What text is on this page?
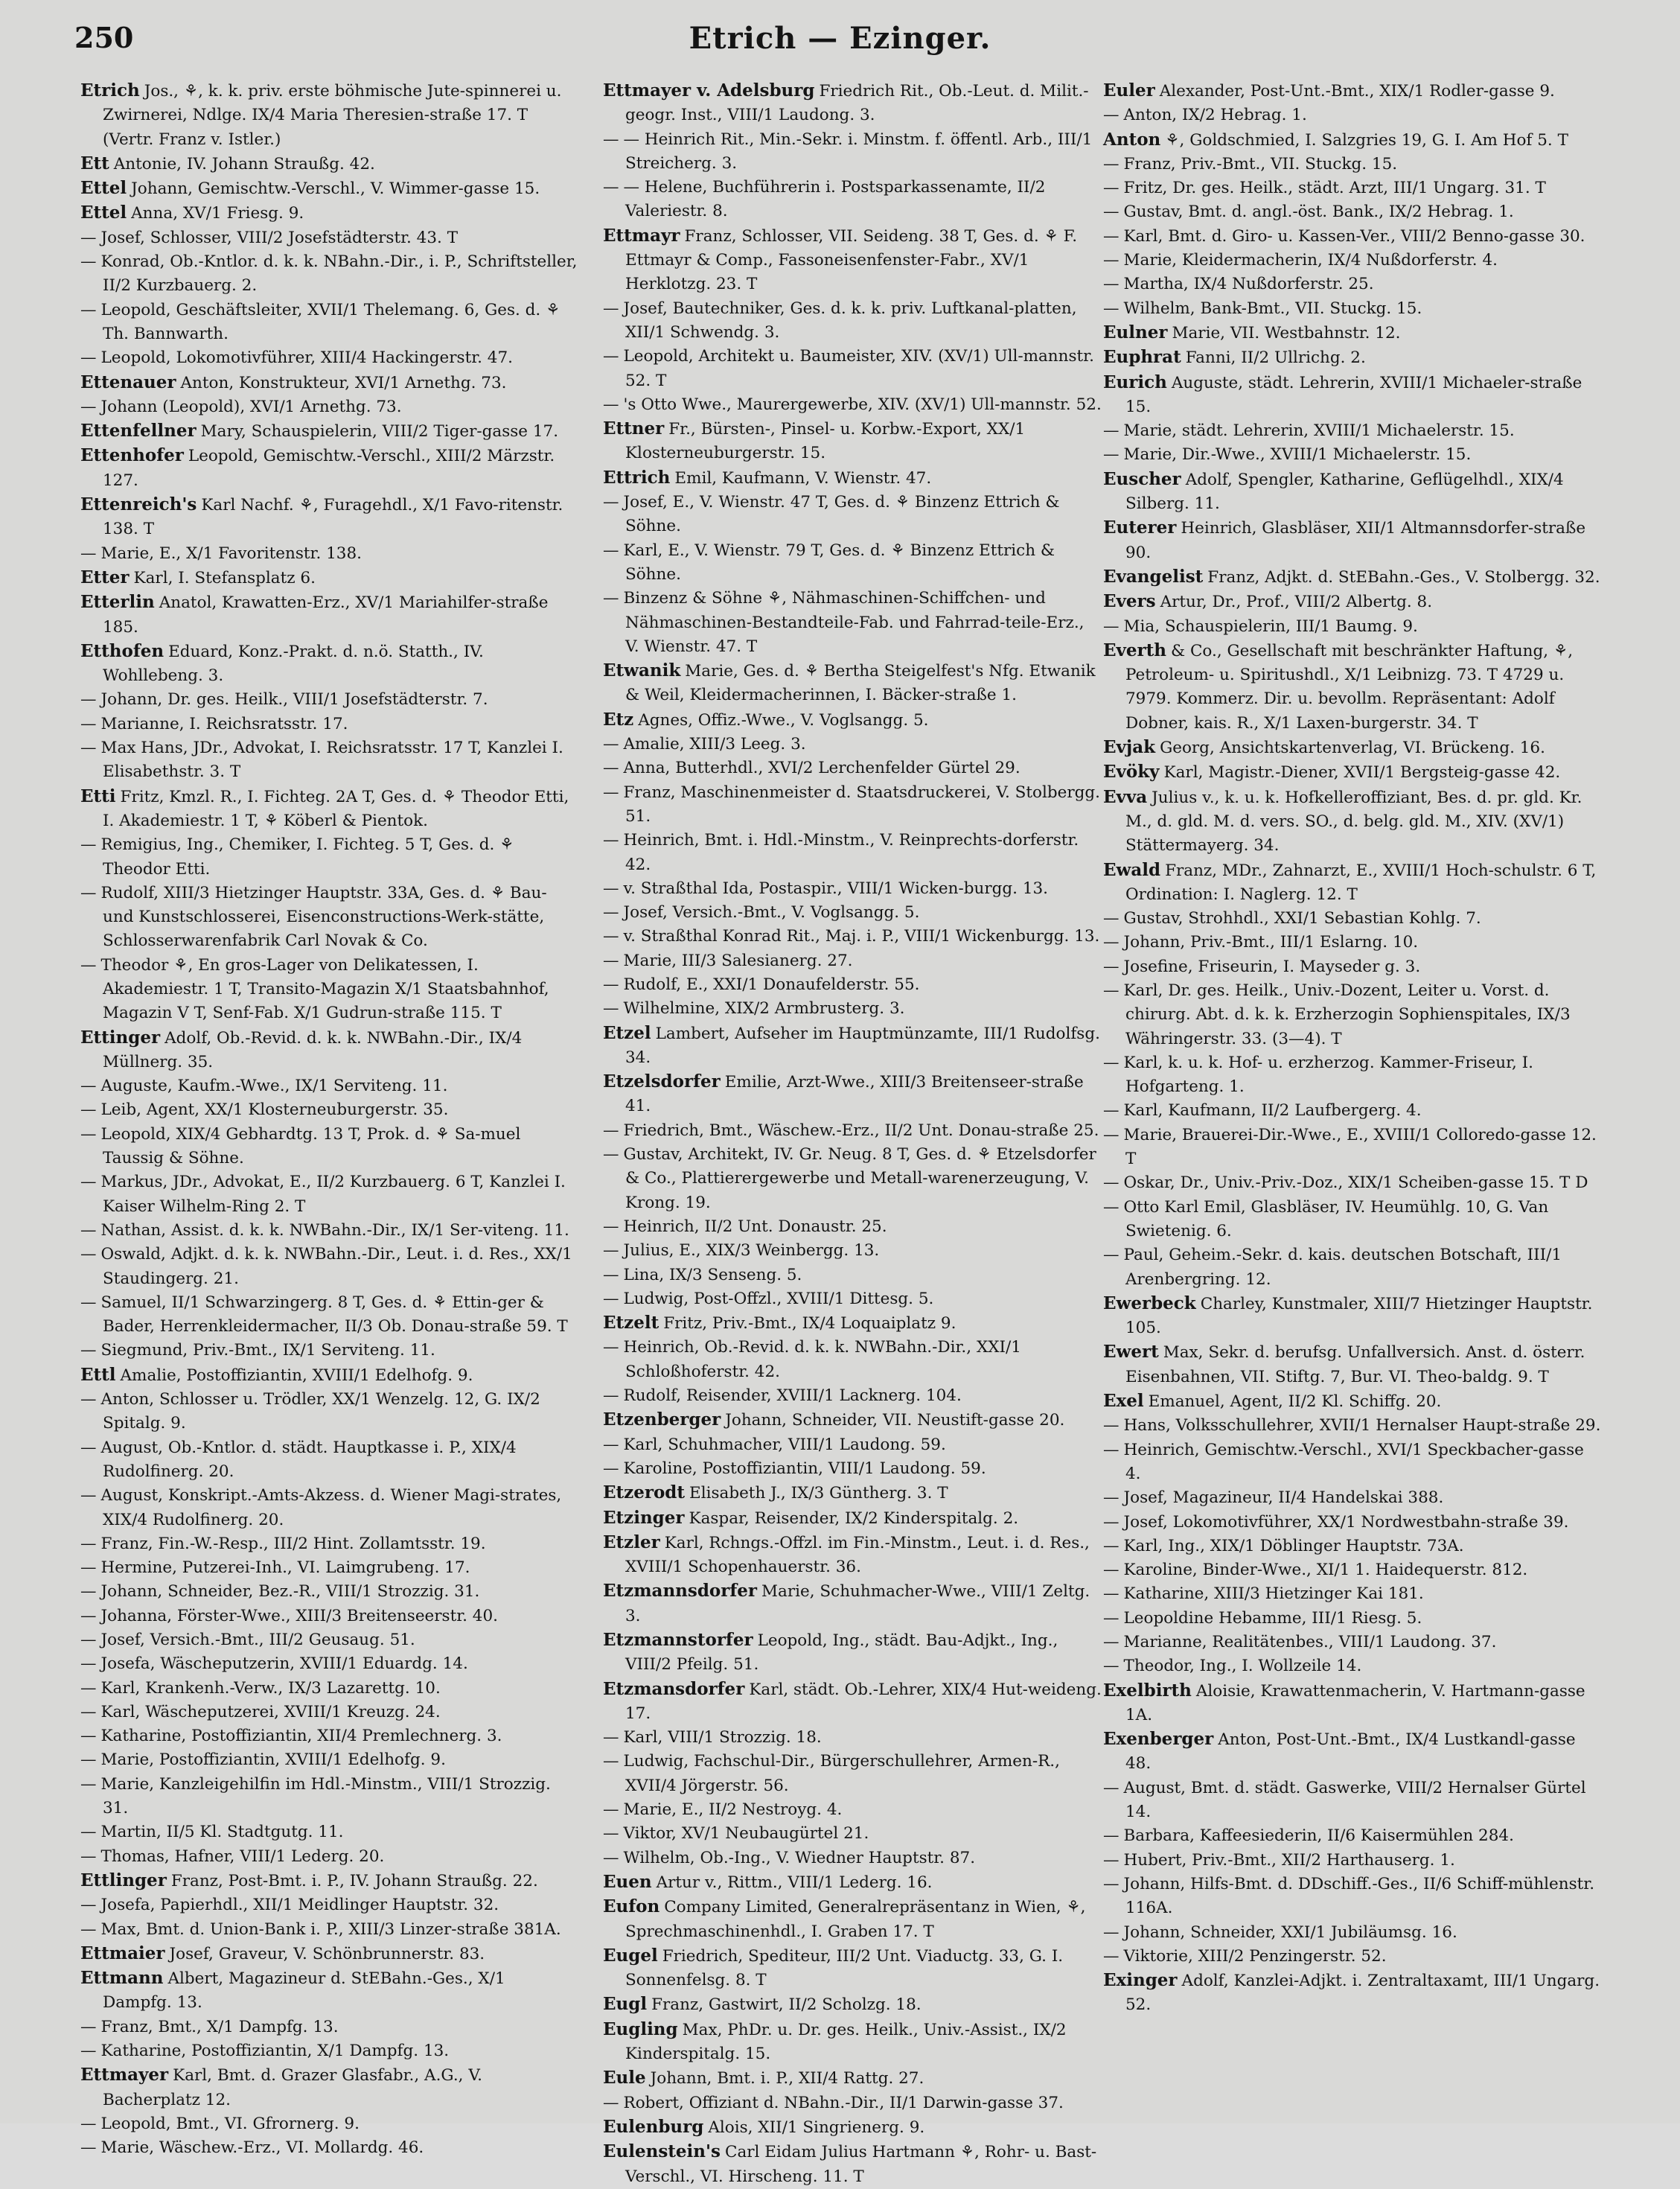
250	Etrich — Ezinger.
Etrich Jos., ⚘, k. k. priv. erste böhmische Jute-spinnerei u. Zwirnerei, Ndlge. IX/4 Maria Theresien-straße 17. T (Vertr. Franz v. Istler.)
Ett Antonie, IV. Johann Straußg. 42.
Ettel Johann, Gemischtw.-Verschl., V. Wimmer-gasse 15.
Ettel Anna, XV/1 Friesg. 9.
— Josef, Schlosser, VIII/2 Josefstädterstr. 43. T
— Konrad, Ob.-Kntlor. d. k. k. NBahn.-Dir., i. P., Schriftsteller, II/2 Kurzbauerg. 2.
— Leopold, Geschäftsleiter, XVII/1 Thelemang. 6, Ges. d. ⚘ Th. Bannwarth.
— Leopold, Lokomotivführer, XIII/4 Hackingerstr. 47.
Ettenauer Anton, Konstrukteur, XVI/1 Arnethg. 73.
— Johann (Leopold), XVI/1 Arnethg. 73.
Ettenfellner Mary, Schauspielerin, VIII/2 Tiger-gasse 17.
Ettenhofer Leopold, Gemischtw.-Verschl., XIII/2 Märzstr. 127.
Ettenreich's Karl Nachf. ⚘, Furagehdl., X/1 Favo-ritenstr. 138. T
— Marie, E., X/1 Favoritenstr. 138.
Etter Karl, I. Stefansplatz 6.
Etterlin Anatol, Krawatten-Erz., XV/1 Mariahilfer-straße 185.
Etthofen Eduard, Konz.-Prakt. d. n.ö. Statth., IV. Wohllebeng. 3.
— Johann, Dr. ges. Heilk., VIII/1 Josefstädterstr. 7.
— Marianne, I. Reichsratsstr. 17.
— Max Hans, JDr., Advokat, I. Reichsratsstr. 17 T, Kanzlei I. Elisabethstr. 3. T
Etti Fritz, Kmzl. R., I. Fichteg. 2A T, Ges. d. ⚘ Theodor Etti, I. Akademiestr. 1 T, ⚘ Köberl & Pientok.
— Remigius, Ing., Chemiker, I. Fichteg. 5 T, Ges. d. ⚘ Theodor Etti.
— Rudolf, XIII/3 Hietzinger Hauptstr. 33A, Ges. d. ⚘ Bau- und Kunstschlosserei, Eisenconstructions-Werk-stätte, Schlosserwarenfabrik Carl Novak & Co.
— Theodor ⚘, En gros-Lager von Delikatessen, I. Akademiestr. 1 T, Transito-Magazin X/1 Staatsbahnhof, Magazin V T, Senf-Fab. X/1 Gudrun-straße 115. T
Ettinger Adolf, Ob.-Revid. d. k. k. NWBahn.-Dir., IX/4 Müllnerg. 35.
— Auguste, Kaufm.-Wwe., IX/1 Serviteng. 11.
— Leib, Agent, XX/1 Klosterneuburgerstr. 35.
— Leopold, XIX/4 Gebhardtg. 13 T, Prok. d. ⚘ Sa-muel Taussig & Söhne.
— Markus, JDr., Advokat, E., II/2 Kurzbauerg. 6 T, Kanzlei I. Kaiser Wilhelm-Ring 2. T
— Nathan, Assist. d. k. k. NWBahn.-Dir., IX/1 Ser-viteng. 11.
— Oswald, Adjkt. d. k. k. NWBahn.-Dir., Leut. i. d. Res., XX/1 Staudingerg. 21.
— Samuel, II/1 Schwarzingerg. 8 T, Ges. d. ⚘ Ettin-ger & Bader, Herrenkleidermacher, II/3 Ob. Donau-straße 59. T
— Siegmund, Priv.-Bmt., IX/1 Serviteng. 11.
Ettl Amalie, Postoffiziantin, XVIII/1 Edelhofg. 9.
— Anton, Schlosser u. Trödler, XX/1 Wenzelg. 12, G. IX/2 Spitalg. 9.
— August, Ob.-Kntlor. d. städt. Hauptkasse i. P., XIX/4 Rudolfinerg. 20.
— August, Konskript.-Amts-Akzess. d. Wiener Magi-strates, XIX/4 Rudolfinerg. 20.
— Franz, Fin.-W.-Resp., III/2 Hint. Zollamtsstr. 19.
— Hermine, Putzerei-Inh., VI. Laimgrubeng. 17.
— Johann, Schneider, Bez.-R., VIII/1 Strozzig. 31.
— Johanna, Förster-Wwe., XIII/3 Breitenseerstr. 40.
— Josef, Versich.-Bmt., III/2 Geusaug. 51.
— Josefa, Wäscheputzerin, XVIII/1 Eduardg. 14.
— Karl, Krankenh.-Verw., IX/3 Lazarettg. 10.
— Karl, Wäscheputzerei, XVIII/1 Kreuzg. 24.
— Katharine, Postoffiziantin, XII/4 Premlechnerg. 3.
— Marie, Postoffiziantin, XVIII/1 Edelhofg. 9.
— Marie, Kanzleigehilfin im Hdl.-Minstm., VIII/1 Strozzig. 31.
— Martin, II/5 Kl. Stadtgutg. 11.
— Thomas, Hafner, VIII/1 Lederg. 20.
Ettlinger Franz, Post-Bmt. i. P., IV. Johann Straußg. 22.
— Josefa, Papierhdl., XII/1 Meidlinger Hauptstr. 32.
— Max, Bmt. d. Union-Bank i. P., XIII/3 Linzer-straße 381A.
Ettmaier Josef, Graveur, V. Schönbrunnerstr. 83.
Ettmann Albert, Magazineur d. StEBahn.-Ges., X/1 Dampfg. 13.
— Franz, Bmt., X/1 Dampfg. 13.
— Katharine, Postoffiziantin, X/1 Dampfg. 13.
Ettmayer Karl, Bmt. d. Grazer Glasfabr., A.G., V. Bacherplatz 12.
— Leopold, Bmt., VI. Gfrornerg. 9.
— Marie, Wäschew.-Erz., VI. Mollardg. 46.
Ettmayer v. Adelsburg Friedrich Rit., Ob.-Leut. d. Milit.-geogr. Inst., VIII/1 Laudong. 3.
— — Heinrich Rit., Min.-Sekr. i. Minstm. f. öffentl. Arb., III/1 Streicherg. 3.
— — Helene, Buchführerin i. Postsparkassenamte, II/2 Valeriestr. 8.
Ettmayr Franz, Schlosser, VII. Seideng. 38 T, Ges. d. ⚘ F. Ettmayr & Comp., Fassoneisenfenster-Fabr., XV/1 Herklotzg. 23. T
— Josef, Bautechniker, Ges. d. k. k. priv. Luftkanal-platten, XII/1 Schwendg. 3.
— Leopold, Architekt u. Baumeister, XIV. (XV/1) Ull-mannstr. 52. T
— 's Otto Wwe., Maurergewerbe, XIV. (XV/1) Ull-mannstr. 52.
Ettner Fr., Bürsten-, Pinsel- u. Korbw.-Export, XX/1 Klosterneuburgerstr. 15.
Ettrich Emil, Kaufmann, V. Wienstr. 47.
— Josef, E., V. Wienstr. 47 T, Ges. d. ⚘ Binzenz Ettrich & Söhne.
— Karl, E., V. Wienstr. 79 T, Ges. d. ⚘ Binzenz Ettrich & Söhne.
— Binzenz & Söhne ⚘, Nähmaschinen-Schiffchen- und Nähmaschinen-Bestandteile-Fab. und Fahrrad-teile-Erz., V. Wienstr. 47. T
Etwanik Marie, Ges. d. ⚘ Bertha Steigelfest's Nfg. Etwanik & Weil, Kleidermacherinnen, I. Bäcker-straße 1.
Etz Agnes, Offiz.-Wwe., V. Voglsangg. 5.
— Amalie, XIII/3 Leeg. 3.
— Anna, Butterhdl., XVI/2 Lerchenfelder Gürtel 29.
— Franz, Maschinenmeister d. Staatsdruckerei, V. Stolbergg. 51.
— Heinrich, Bmt. i. Hdl.-Minstm., V. Reinprechts-dorferstr. 42.
— v. Straßthal Ida, Postaspir., VIII/1 Wicken-burgg. 13.
— Josef, Versich.-Bmt., V. Voglsangg. 5.
— v. Straßthal Konrad Rit., Maj. i. P., VIII/1 Wickenburgg. 13.
— Marie, III/3 Salesianerg. 27.
— Rudolf, E., XXI/1 Donaufelderstr. 55.
— Wilhelmine, XIX/2 Armbrusterg. 3.
Etzel Lambert, Aufseher im Hauptmünzamte, III/1 Rudolfsg. 34.
Etzelsdorfer Emilie, Arzt-Wwe., XIII/3 Breitenseer-straße 41.
— Friedrich, Bmt., Wäschew.-Erz., II/2 Unt. Donau-straße 25.
— Gustav, Architekt, IV. Gr. Neug. 8 T, Ges. d. ⚘ Etzelsdorfer & Co., Plattierergewerbe und Metall-warenerzeugung, V. Krong. 19.
— Heinrich, II/2 Unt. Donaustr. 25.
— Julius, E., XIX/3 Weinbergg. 13.
— Lina, IX/3 Senseng. 5.
— Ludwig, Post-Offzl., XVIII/1 Dittesg. 5.
Etzelt Fritz, Priv.-Bmt., IX/4 Loquaiplatz 9.
— Heinrich, Ob.-Revid. d. k. k. NWBahn.-Dir., XXI/1 Schloßhoferstr. 42.
— Rudolf, Reisender, XVIII/1 Lacknerg. 104.
Etzenberger Johann, Schneider, VII. Neustift-gasse 20.
— Karl, Schuhmacher, VIII/1 Laudong. 59.
— Karoline, Postoffiziantin, VIII/1 Laudong. 59.
Etzerodt Elisabeth J., IX/3 Güntherg. 3. T
Etzinger Kaspar, Reisender, IX/2 Kinderspitalg. 2.
Etzler Karl, Rchngs.-Offzl. im Fin.-Minstm., Leut. i. d. Res., XVIII/1 Schopenhauerstr. 36.
Etzmannsdorfer Marie, Schuhmacher-Wwe., VIII/1 Zeltg. 3.
Etzmannstorfer Leopold, Ing., städt. Bau-Adjkt., Ing., VIII/2 Pfeilg. 51.
Etzmansdorfer Karl, städt. Ob.-Lehrer, XIX/4 Hut-weideng. 17.
— Karl, VIII/1 Strozzig. 18.
— Ludwig, Fachschul-Dir., Bürgerschullehrer, Armen-R., XVII/4 Jörgerstr. 56.
— Marie, E., II/2 Nestroyg. 4.
— Viktor, XV/1 Neubaugürtel 21.
— Wilhelm, Ob.-Ing., V. Wiedner Hauptstr. 87.
Euen Artur v., Rittm., VIII/1 Lederg. 16.
Eufon Company Limited, Generalrepräsentanz in Wien, ⚘, Sprechmaschinenhdl., I. Graben 17. T
Eugel Friedrich, Spediteur, III/2 Unt. Viaductg. 33, G. I. Sonnenfelsg. 8. T
Eugl Franz, Gastwirt, II/2 Scholzg. 18.
Eugling Max, PhDr. u. Dr. ges. Heilk., Univ.-Assist., IX/2 Kinderspitalg. 15.
Eule Johann, Bmt. i. P., XII/4 Rattg. 27.
— Robert, Offiziant d. NBahn.-Dir., II/1 Darwin-gasse 37.
Eulenburg Alois, XII/1 Singrienerg. 9.
Eulenstein's Carl Eidam Julius Hartmann ⚘, Rohr- u. Bast-Verschl., VI. Hirscheng. 11. T
Euler Alexander, Post-Unt.-Bmt., XIX/1 Rodler-gasse 9.
— Anton, IX/2 Hebrag. 1.
Anton ⚘, Goldschmied, I. Salzgries 19, G. I. Am Hof 5. T
— Franz, Priv.-Bmt., VII. Stuckg. 15.
— Fritz, Dr. ges. Heilk., städt. Arzt, III/1 Ungarg. 31. T
— Gustav, Bmt. d. angl.-öst. Bank., IX/2 Hebrag. 1.
— Karl, Bmt. d. Giro- u. Kassen-Ver., VIII/2 Benno-gasse 30.
— Marie, Kleidermacherin, IX/4 Nußdorferstr. 4.
— Martha, IX/4 Nußdorferstr. 25.
— Wilhelm, Bank-Bmt., VII. Stuckg. 15.
Eulner Marie, VII. Westbahnstr. 12.
Euphrat Fanni, II/2 Ullrichg. 2.
Eurich Auguste, städt. Lehrerin, XVIII/1 Michaeler-straße 15.
— Marie, städt. Lehrerin, XVIII/1 Michaelerstr. 15.
— Marie, Dir.-Wwe., XVIII/1 Michaelerstr. 15.
Euscher Adolf, Spengler, Katharine, Geflügelhdl., XIX/4 Silberg. 11.
Euterer Heinrich, Glasbläser, XII/1 Altmannsdorfer-straße 90.
Evangelist Franz, Adjkt. d. StEBahn.-Ges., V. Stolbergg. 32.
Evers Artur, Dr., Prof., VIII/2 Albertg. 8.
— Mia, Schauspielerin, III/1 Baumg. 9.
Everth & Co., Gesellschaft mit beschränkter Haftung, ⚘, Petroleum- u. Spiritushdl., X/1 Leibnizg. 73. T 4729 u. 7979. Kommerz. Dir. u. bevollm. Repräsentant: Adolf Dobner, kais. R., X/1 Laxen-burgerstr. 34. T
Evjak Georg, Ansichtskartenverlag, VI. Brückeng. 16.
Evöky Karl, Magistr.-Diener, XVII/1 Bergsteig-gasse 42.
Evva Julius v., k. u. k. Hofkelleroffiziant, Bes. d. pr. gld. Kr. M., d. gld. M. d. vers. SO., d. belg. gld. M., XIV. (XV/1) Stättermayerg. 34.
Ewald Franz, MDr., Zahnarzt, E., XVIII/1 Hoch-schulstr. 6 T, Ordination: I. Naglerg. 12. T
— Gustav, Strohhdl., XXI/1 Sebastian Kohlg. 7.
— Johann, Priv.-Bmt., III/1 Eslarng. 10.
— Josefine, Friseurin, I. Mayseder g. 3.
— Karl, Dr. ges. Heilk., Univ.-Dozent, Leiter u. Vorst. d. chirurg. Abt. d. k. k. Erzherzogin Sophienspitales, IX/3 Währingerstr. 33. (3—4). T
— Karl, k. u. k. Hof- u. erzherzog. Kammer-Friseur, I. Hofgarteng. 1.
— Karl, Kaufmann, II/2 Laufbergerg. 4.
— Marie, Brauerei-Dir.-Wwe., E., XVIII/1 Colloredo-gasse 12. T
— Oskar, Dr., Univ.-Priv.-Doz., XIX/1 Scheiben-gasse 15. T D
— Otto Karl Emil, Glasbläser, IV. Heumühlg. 10, G. Van Swietenig. 6.
— Paul, Geheim.-Sekr. d. kais. deutschen Botschaft, III/1 Arenbergring. 12.
Ewerbeck Charley, Kunstmaler, XIII/7 Hietzinger Hauptstr. 105.
Ewert Max, Sekr. d. berufsg. Unfallversich. Anst. d. österr. Eisenbahnen, VII. Stiftg. 7, Bur. VI. Theo-baldg. 9. T
Exel Emanuel, Agent, II/2 Kl. Schiffg. 20.
— Hans, Volksschullehrer, XVII/1 Hernalser Haupt-straße 29.
— Heinrich, Gemischtw.-Verschl., XVI/1 Speckbacher-gasse 4.
— Josef, Magazineur, II/4 Handelskai 388.
— Josef, Lokomotivführer, XX/1 Nordwestbahn-straße 39.
— Karl, Ing., XIX/1 Döblinger Hauptstr. 73A.
— Karoline, Binder-Wwe., XI/1 1. Haidequerstr. 812.
— Katharine, XIII/3 Hietzinger Kai 181.
— Leopoldine Hebamme, III/1 Riesg. 5.
— Marianne, Realitätenbes., VIII/1 Laudong. 37.
— Theodor, Ing., I. Wollzeile 14.
Exelbirth Aloisie, Krawattenmacherin, V. Hartmann-gasse 1A.
Exenberger Anton, Post-Unt.-Bmt., IX/4 Lustkandl-gasse 48.
— August, Bmt. d. städt. Gaswerke, VIII/2 Hernalser Gürtel 14.
— Barbara, Kaffeesiederin, II/6 Kaisermühlen 284.
— Hubert, Priv.-Bmt., XII/2 Harthauserg. 1.
— Johann, Hilfs-Bmt. d. DDschiff.-Ges., II/6 Schiff-mühlenstr. 116A.
— Johann, Schneider, XXI/1 Jubiläumsg. 16.
— Viktorie, XIII/2 Penzingerstr. 52.
Exinger Adolf, Kanzlei-Adjkt. i. Zentraltaxamt, III/1 Ungarg. 52.
